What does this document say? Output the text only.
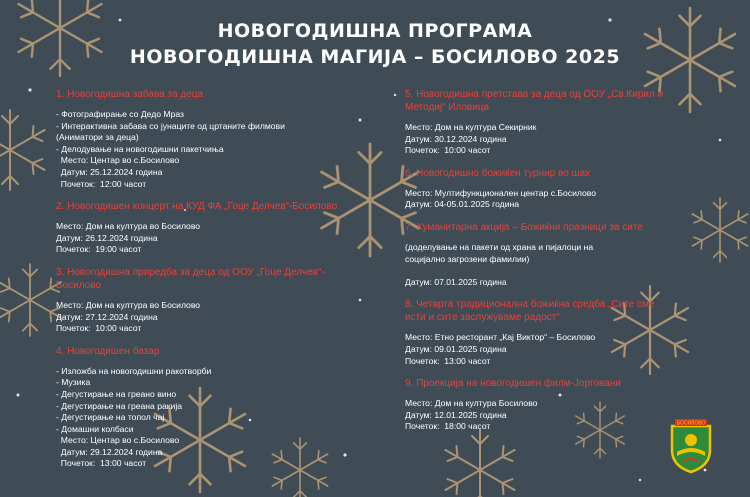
НОВОГОДИШНА ПРОГРАМА
НОВОГОДИШНА МАГИЈА – БОСИЛОВО 2025
1. Новогодишна забава за деца
- Фотографирање со Дедо Мраз
- Интерактивна забава со јунаците од цртаните филмови
(Аниматори за деца)
- Делодување на новогодишни пакетчиња
Место: Центар во с.Босилово
Датум: 25.12.2024 година
Почеток:  12:00 часот
2. Новогодишен концерт на КУД ФА „Гоце Делчев“-Босилово
Место: Дом на култура во Босилово
Датум: 26.12.2024 година
Почеток:  19:00 часот
3. Новогодишна приредба за деца од ООУ „Гоце Делчев“-Босилово
Место: Дом на култура во Босилово
Датум: 27.12.2024 година
Почеток:  10:00 часот
4. Новогодишен базар
- Изложба на новогодишни ракотворби
- Музика
- Дегустирање на греано вино
- Дегустирање на греана ракија
- Дегустирање на топол чај
- Домашни колбаси
Место: Центар во с.Босилово
Датум: 29.12.2024 година
Почеток:  13:00 часот
5. Новогодишна претстава за деца од ООУ „Св.Кирил и Методиј“ Иловица
Место: Дом на култура Секирник
Датум: 30.12.2024 година
Почеток:  10:00 часот
6. Новогодишно божиќен турнир во шах
Место: Мултифункционален центар с.Босилово
Датум: 04-05.01.2025 година
7. Хуманитарна акција – Божиќни празници за сите
(доделување на пакети од храна и пијалоци на
социјално загрозени фамилии)

Датум: 07.01.2025 година
8. Четврта традиционална божиќна средба „Сите сме исти и сите заслужуваме радост“
Место: Етно ресторант „Кај Виктор“ – Босилово
Датум: 09.01.2025 година
Почеток:  13:00 часот
9. Проекција на новогодишен филм-Јорговани
Место: Дом на култура Босилово
Датум: 12.01.2025 година
Почеток:  18:00 часот	БОСИЛОВО
